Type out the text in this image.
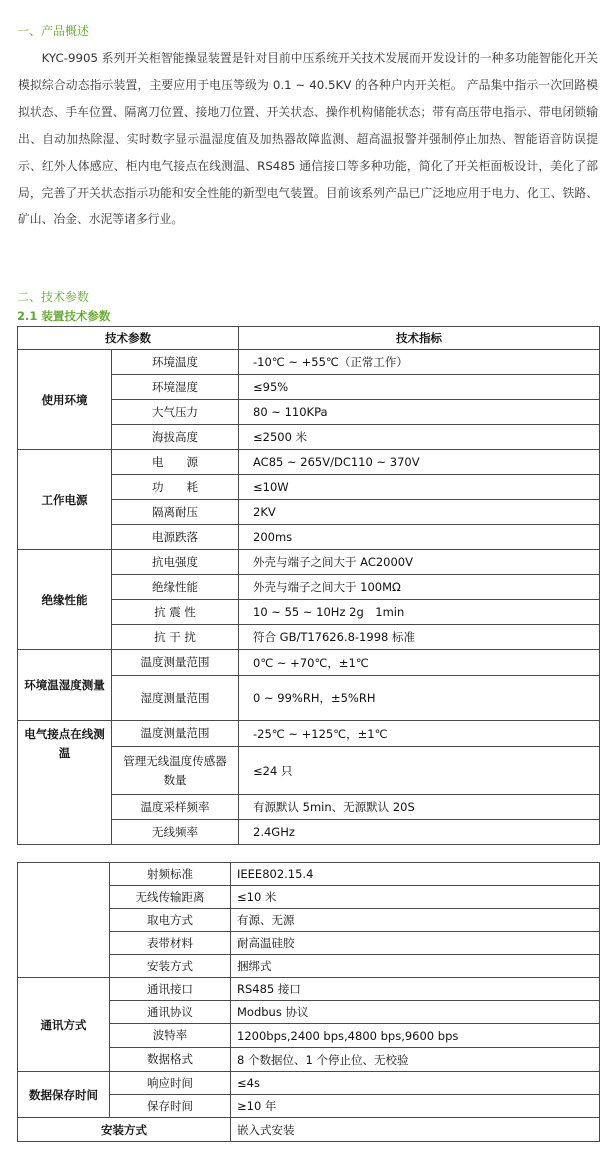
一、产品概述

KYC-9905 系列开关柜智能操显装置是针对目前中压系统开关技术发展而开发设计的一种多功能智能化开关模拟综合动态指示装置，主要应用于电压等级为 0.1 ~ 40.5KV 的各种户内开关柜。 产品集中指示一次回路模拟状态、手车位置、隔离刀位置、接地刀位置、开关状态、操作机构储能状态；带有高压带电指示、带电闭锁输出、自动加热除湿、实时数字显示温湿度值及加热器故障监测、超高温报警并强制停止加热、智能语音防误提示、红外人体感应、柜内电气接点在线测温、RS485 通信接口等多种功能，简化了开关柜面板设计，美化了部局，完善了开关状态指示功能和安全性能的新型电气装置。目前该系列产品已广泛地应用于电力、化工、铁路、矿山、冶金、水泥等诸多行业。

二、技术参数
2.1 装置技术参数
技术参数		技术指标
使用环境	环境温度	-10℃ ~ +55℃（正常工作）
	环境湿度	≤95%
	大气压力	80 ~ 110KPa
	海拔高度	≤2500 米
工作电源	电　　源	AC85 ~ 265V/DC110 ~ 370V
	功　　耗	≤10W
	隔离耐压	2KV
	电源跌落	200ms
绝缘性能	抗电强度	外壳与端子之间大于 AC2000V
	绝缘性能	外壳与端子之间大于 100MΩ
	抗 震 性	10 ~ 55 ~ 10Hz 2g　1min
	抗 干 扰	符合 GB/T17626.8-1998 标准
环境温湿度测量	温度测量范围	0℃ ~ +70℃，±1℃
	湿度测量范围	0 ~ 99%RH，±5%RH
电气接点在线测温	温度测量范围	-25℃ ~ +125℃，±1℃
	管理无线温度传感器数量	≤24 只
	温度采样频率	有源默认 5min、无源默认 20S
	无线频率	2.4GHz
	射频标准	IEEE802.15.4
	无线传输距离	≤10 米
	取电方式	有源、无源
	表带材料	耐高温硅胶
	安装方式	捆绑式
通讯方式	通讯接口	RS485 接口
	通讯协议	Modbus 协议
	波特率	1200bps,2400 bps,4800 bps,9600 bps
	数据格式	8 个数据位、1 个停止位、无校验
数据保存时间	响应时间	≤4s
	保存时间	≥10 年
安装方式		嵌入式安装
